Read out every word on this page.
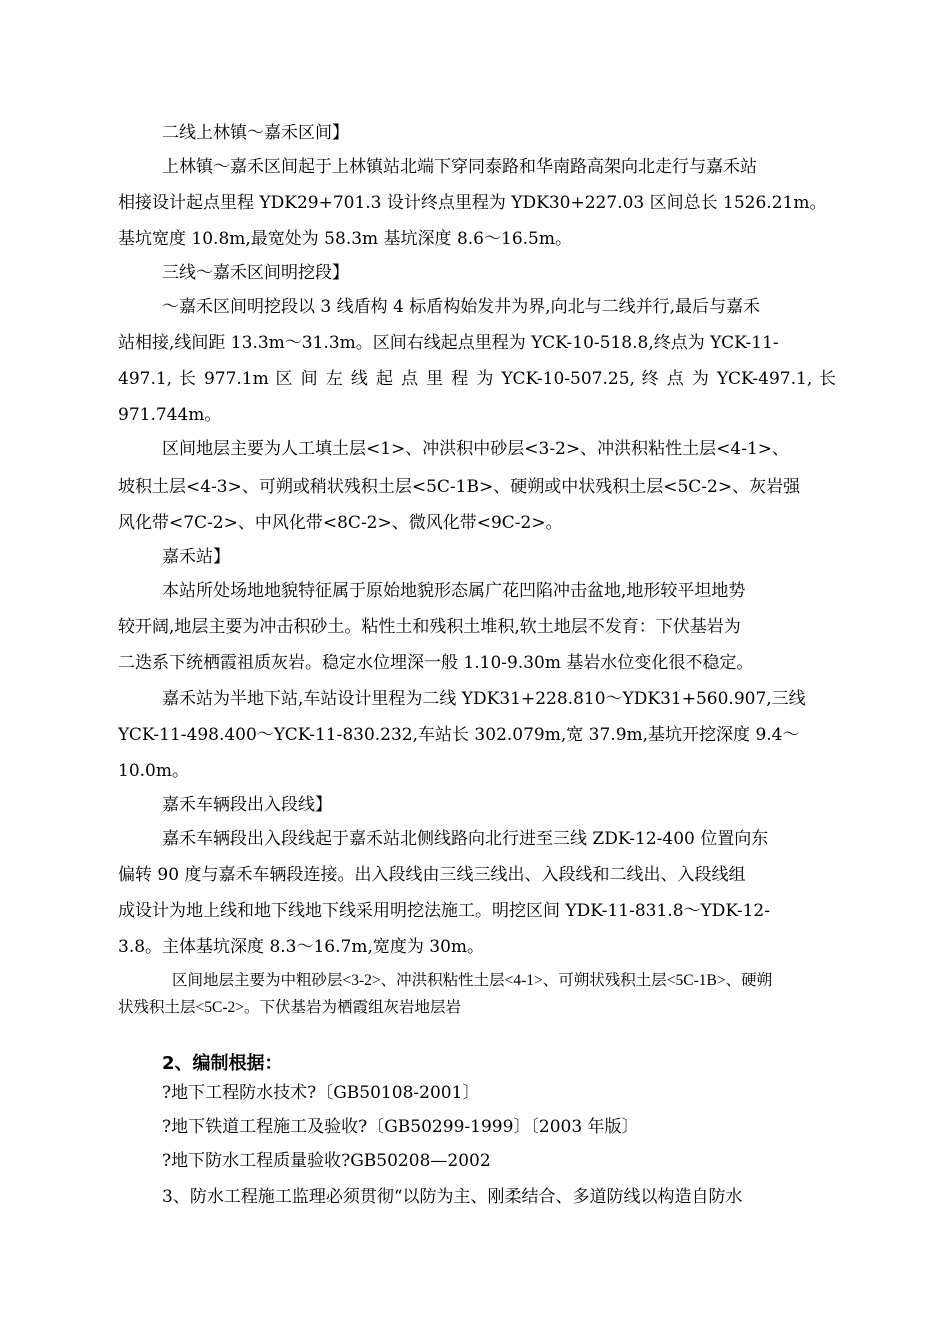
二线上林镇～嘉禾区间】
上林镇～嘉禾区间起于上林镇站北端下穿同泰路和华南路高架向北走行与嘉禾站
相接设计起点里程 YDK29+701.3 设计终点里程为 YDK30+227.03 区间总长 1526.21m。
基坑宽度 10.8m,最宽处为 58.3m 基坑深度 8.6～16.5m。
三线～嘉禾区间明挖段】
～嘉禾区间明挖段以 3 线盾构 4 标盾构始发井为界,向北与二线并行,最后与嘉禾
站相接,线间距 13.3m～31.3m。区间右线起点里程为 YCK-10-518.8,终点为 YCK-11-
497.1, 长 977.1m 区 间 左 线 起 点 里 程 为 YCK-10-507.25, 终 点 为 YCK-497.1, 长
971.744m。
区间地层主要为人工填土层<1>、冲洪积中砂层<3-2>、冲洪积粘性土层<4-1>、
坡积土层<4-3>、可朔或稍状残积土层<5C-1B>、硬朔或中状残积土层<5C-2>、灰岩强
风化带<7C-2>、中风化带<8C-2>、微风化带<9C-2>。
嘉禾站】
本站所处场地地貌特征属于原始地貌形态属广花凹陷冲击盆地,地形较平坦地势
较开阔,地层主要为冲击积砂土。粘性土和残积土堆积,软土地层不发育：下伏基岩为
二迭系下统栖霞祖质灰岩。稳定水位埋深一般 1.10-9.30m 基岩水位变化很不稳定。
嘉禾站为半地下站,车站设计里程为二线 YDK31+228.810～YDK31+560.907,三线
YCK-11-498.400～YCK-11-830.232,车站长 302.079m,宽 37.9m,基坑开挖深度 9.4～
10.0m。
嘉禾车辆段出入段线】
嘉禾车辆段出入段线起于嘉禾站北侧线路向北行进至三线 ZDK-12-400 位置向东
偏转 90 度与嘉禾车辆段连接。出入段线由三线三线出、入段线和二线出、入段线组
成设计为地上线和地下线地下线采用明挖法施工。明挖区间 YDK-11-831.8～YDK-12-
3.8。主体基坑深度 8.3～16.7m,宽度为 30m。
区间地层主要为中粗砂层<3-2>、冲洪积粘性土层<4-1>、可朔状残积土层<5C-1B>、硬朔
状残积土层<5C-2>。下伏基岩为栖霞组灰岩地层岩
2、编制根据：
?地下工程防水技术?〔GB50108-2001〕
?地下铁道工程施工及验收?〔GB50299-1999〕〔2003 年版〕
?地下防水工程质量验收?GB50208—2002
3、防水工程施工监理必须贯彻“以防为主、刚柔结合、多道防线以构造自防水
